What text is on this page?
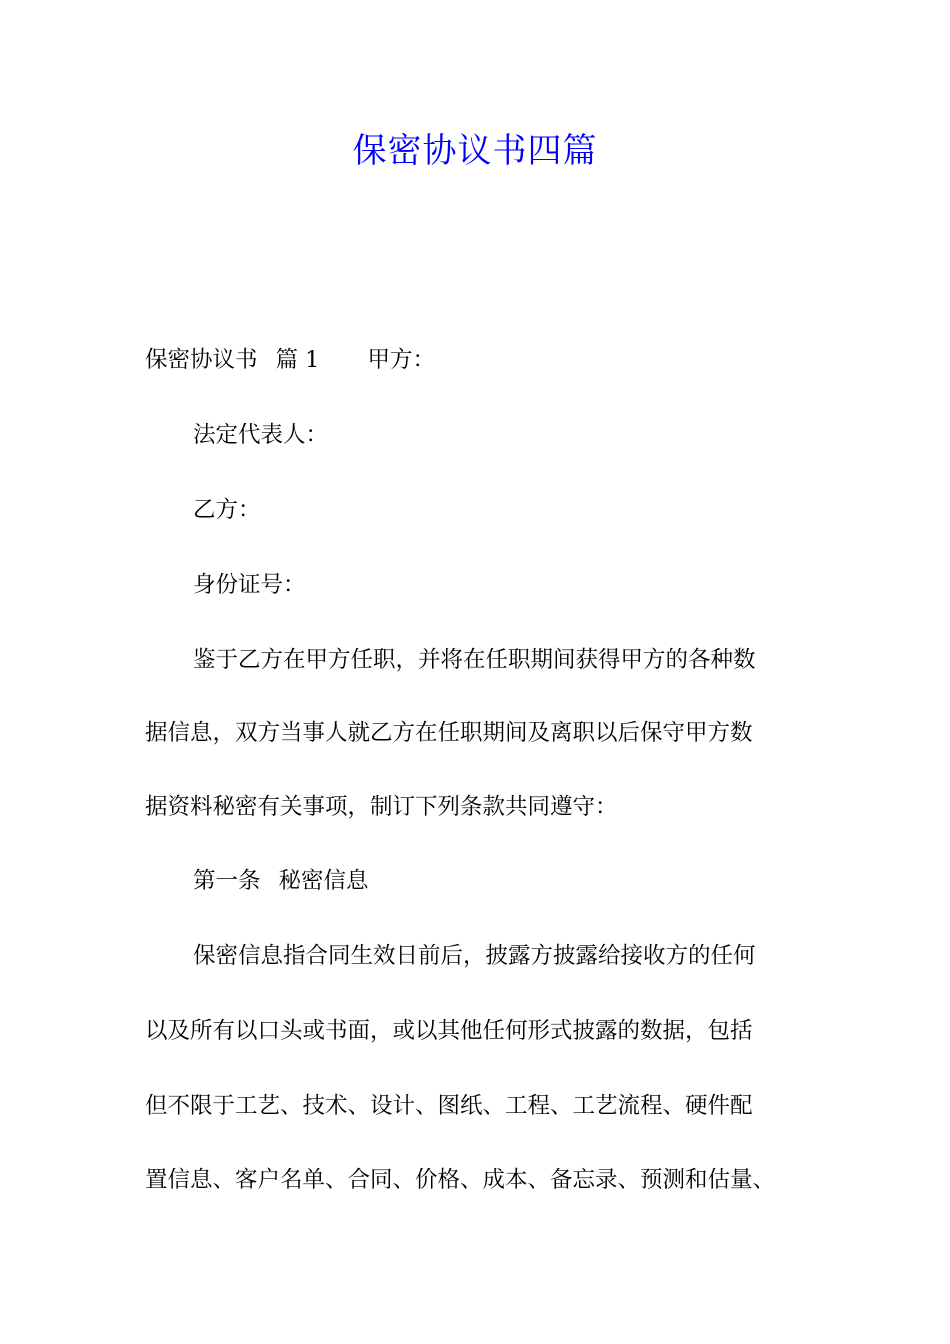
保密协议书四篇
保密协议书 篇 1 甲方：
法定代表人：
乙方：
身份证号：
鉴于乙方在甲方任职，并将在任职期间获得甲方的各种数
据信息，双方当事人就乙方在任职期间及离职以后保守甲方数
据资料秘密有关事项，制订下列条款共同遵守：
第一条 秘密信息
保密信息指合同生效日前后，披露方披露给接收方的任何
以及所有以口头或书面，或以其他任何形式披露的数据，包括
但不限于工艺、技术、设计、图纸、工程、工艺流程、硬件配
置信息、客户名单、合同、价格、成本、备忘录、预测和估量、
